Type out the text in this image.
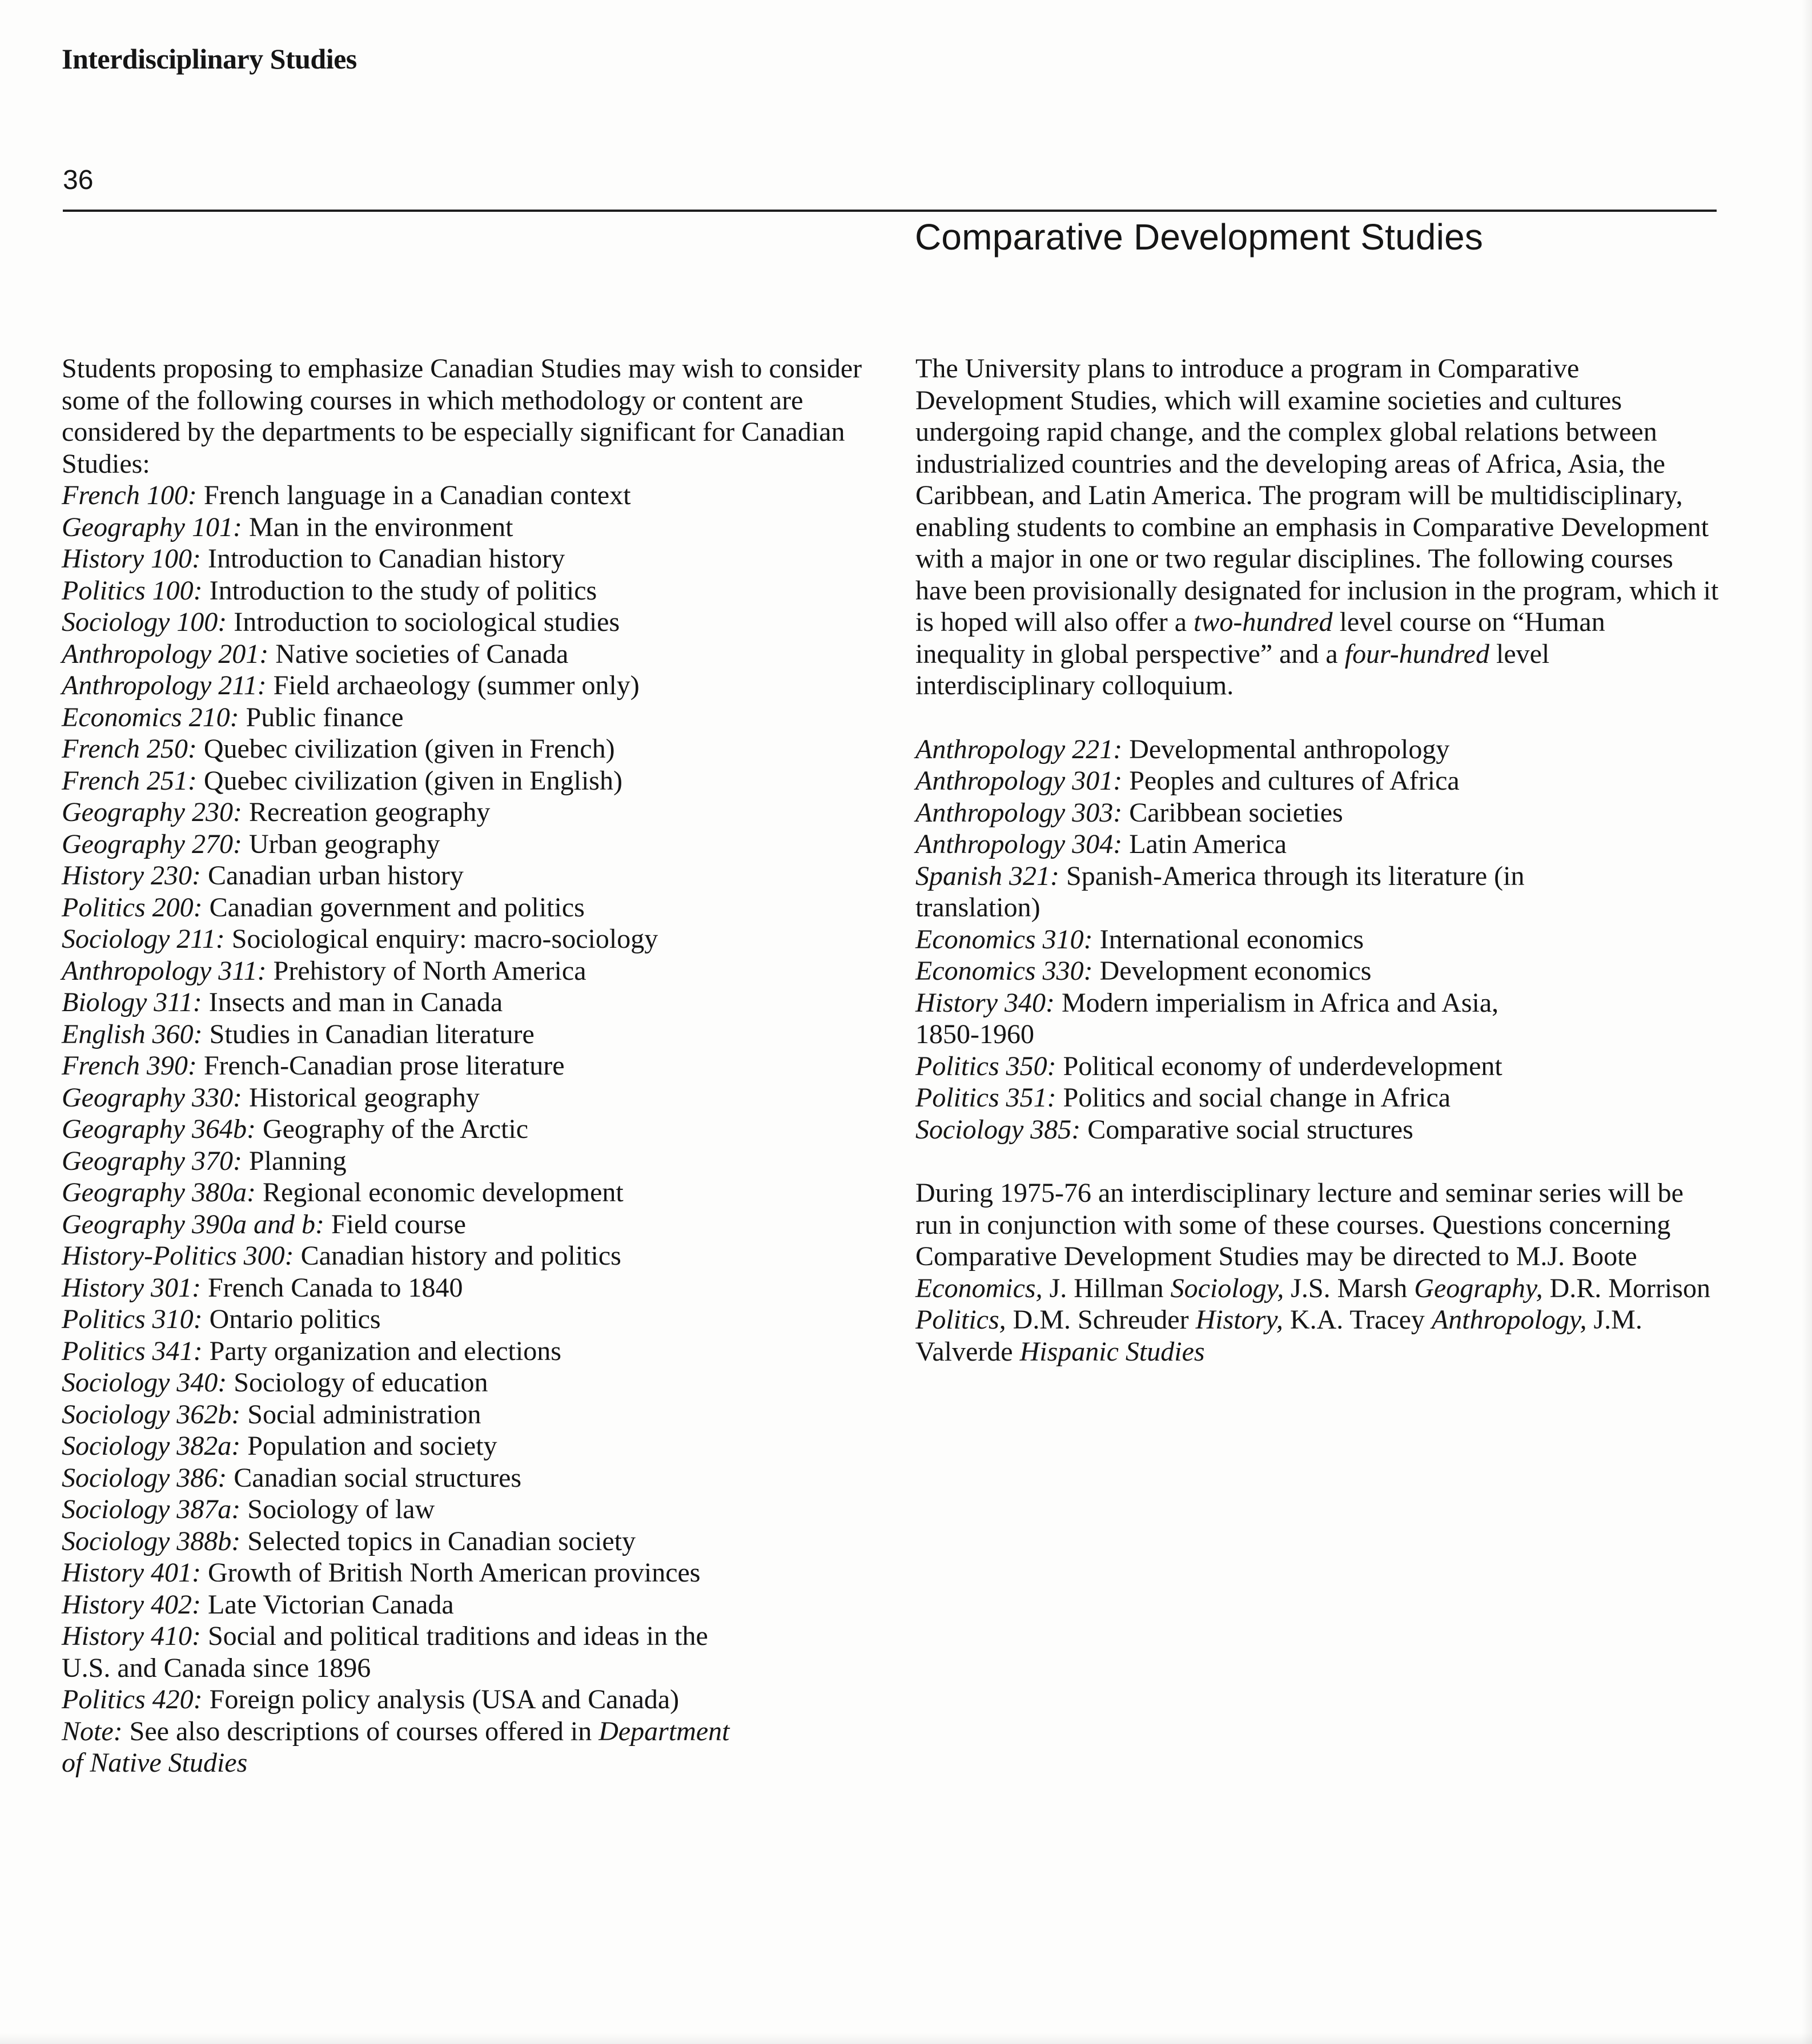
Interdisciplinary Studies
36
Comparative Development Studies

Students proposing to emphasize Canadian Studies may wish to consider some of the following courses in which methodology or content are considered by the departments to be especially significant for Canadian Studies:

French 100: French language in a Canadian context
Geography 101: Man in the environment
History 100: Introduction to Canadian history
Politics 100: Introduction to the study of politics
Sociology 100: Introduction to sociological studies
Anthropology 201: Native societies of Canada
Anthropology 211: Field archaeology (summer only)
Economics 210: Public finance
French 250: Quebec civilization (given in French)
French 251: Quebec civilization (given in English)
Geography 230: Recreation geography
Geography 270: Urban geography
History 230: Canadian urban history
Politics 200: Canadian government and politics
Sociology 211: Sociological enquiry: macro-sociology
Anthropology 311: Prehistory of North America
Biology 311: Insects and man in Canada
English 360: Studies in Canadian literature
French 390: French-Canadian prose literature
Geography 330: Historical geography
Geography 364b: Geography of the Arctic
Geography 370: Planning
Geography 380a: Regional economic development
Geography 390a and b: Field course
History-Politics 300: Canadian history and politics
History 301: French Canada to 1840
Politics 310: Ontario politics
Politics 341: Party organization and elections
Sociology 340: Sociology of education
Sociology 362b: Social administration
Sociology 382a: Population and society
Sociology 386: Canadian social structures
Sociology 387a: Sociology of law
Sociology 388b: Selected topics in Canadian society
History 401: Growth of British North American provinces
History 402: Late Victorian Canada
History 410: Social and political traditions and ideas in the
U.S. and Canada since 1896
Politics 420: Foreign policy analysis (USA and Canada)

Note: See also descriptions of courses offered in Department
of Native Studies

The University plans to introduce a program in Comparative Development Studies, which will examine societies and cultures undergoing rapid change, and the complex global relations between industrialized countries and the developing areas of Africa, Asia, the Caribbean, and Latin America. The program will be multidisciplinary, enabling students to combine an emphasis in Comparative Development with a major in one or two regular disciplines. The following courses have been provisionally designated for inclusion in the program, which it is hoped will also offer a two-hundred level course on “Human inequality in global perspective” and a four-hundred level interdisciplinary colloquium.

Anthropology 221: Developmental anthropology
Anthropology 301: Peoples and cultures of Africa
Anthropology 303: Caribbean societies
Anthropology 304: Latin America
Spanish 321: Spanish-America through its literature (in
translation)
Economics 310: International economics
Economics 330: Development economics
History 340: Modern imperialism in Africa and Asia,
1850-1960
Politics 350: Political economy of underdevelopment
Politics 351: Politics and social change in Africa
Sociology 385: Comparative social structures

During 1975-76 an interdisciplinary lecture and seminar series will be run in conjunction with some of these courses. Questions concerning Comparative Development Studies may be directed to M.J. Boote Economics, J. Hillman Sociology, J.S. Marsh Geography, D.R. Morrison Politics, D.M. Schreuder History, K.A. Tracey Anthropology, J.M. Valverde Hispanic Studies
